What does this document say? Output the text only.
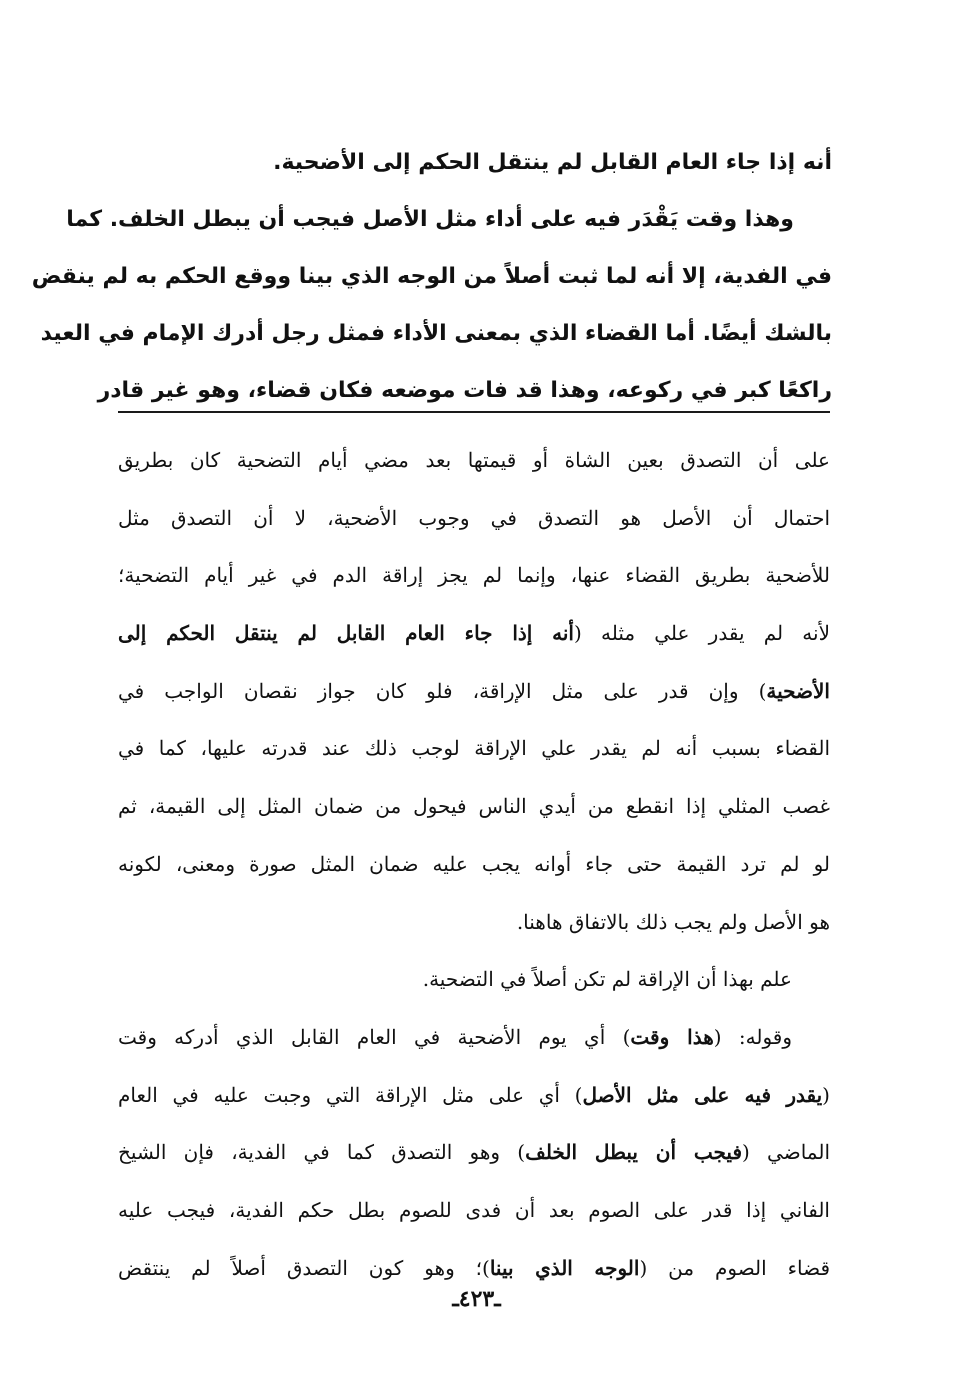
أنه إذا جاء العام القابل لم ينتقل الحكم إلى الأضحية.
وهذا وقت يَقْدَر فيه على أداء مثل الأصل فيجب أن يبطل الخلف. كما
في الفدية، إلا أنه لما ثبت أصلاً من الوجه الذي بينا ووقع الحكم به لم ينقض
بالشك أيضًا. أما القضاء الذي بمعنى الأداء فمثل رجل أدرك الإمام في العيد
راكعًا كبر في ركوعه، وهذا قد فات موضعه فكان قضاء، وهو غير قادر
على أن التصدق بعين الشاة أو قيمتها بعد مضي أيام التضحية كان بطريق
احتمال أن الأصل هو التصدق في وجوب الأضحية، لا أن التصدق مثل
للأضحية بطريق القضاء عنها، وإنما لم يجز إراقة الدم في غير أيام التضحية؛
لأنه لم يقدر علي مثله (أنه إذا جاء العام القابل لم ينتقل الحكم إلى
الأضحية) وإن قدر على مثل الإراقة، فلو كان جواز نقصان الواجب في
القضاء بسبب أنه لم يقدر علي الإراقة لوجب ذلك عند قدرته عليها، كما في
غصب المثلي إذا انقطع من أيدي الناس فيحول من ضمان المثل إلى القيمة، ثم
لو لم ترد القيمة حتى جاء أوانه يجب عليه ضمان المثل صورة ومعنى، لكونه
هو الأصل ولم يجب ذلك بالاتفاق هاهنا.
علم بهذا أن الإراقة لم تكن أصلاً في التضحية.
وقوله: (هذا وقت) أي يوم الأضحية في العام القابل الذي أدركه وقت
(يقدر فيه على مثل الأصل) أي على مثل الإراقة التي وجبت عليه في العام
الماضي (فيجب أن يبطل الخلف) وهو التصدق كما في الفدية، فإن الشيخ
الفاني إذا قدر على الصوم بعد أن فدى للصوم بطل حكم الفدية، فيجب عليه
قضاء الصوم من (الوجه الذي بينا)؛ وهو كون التصدق أصلاً لم ينتقض
ـ٤٢٣ـ
